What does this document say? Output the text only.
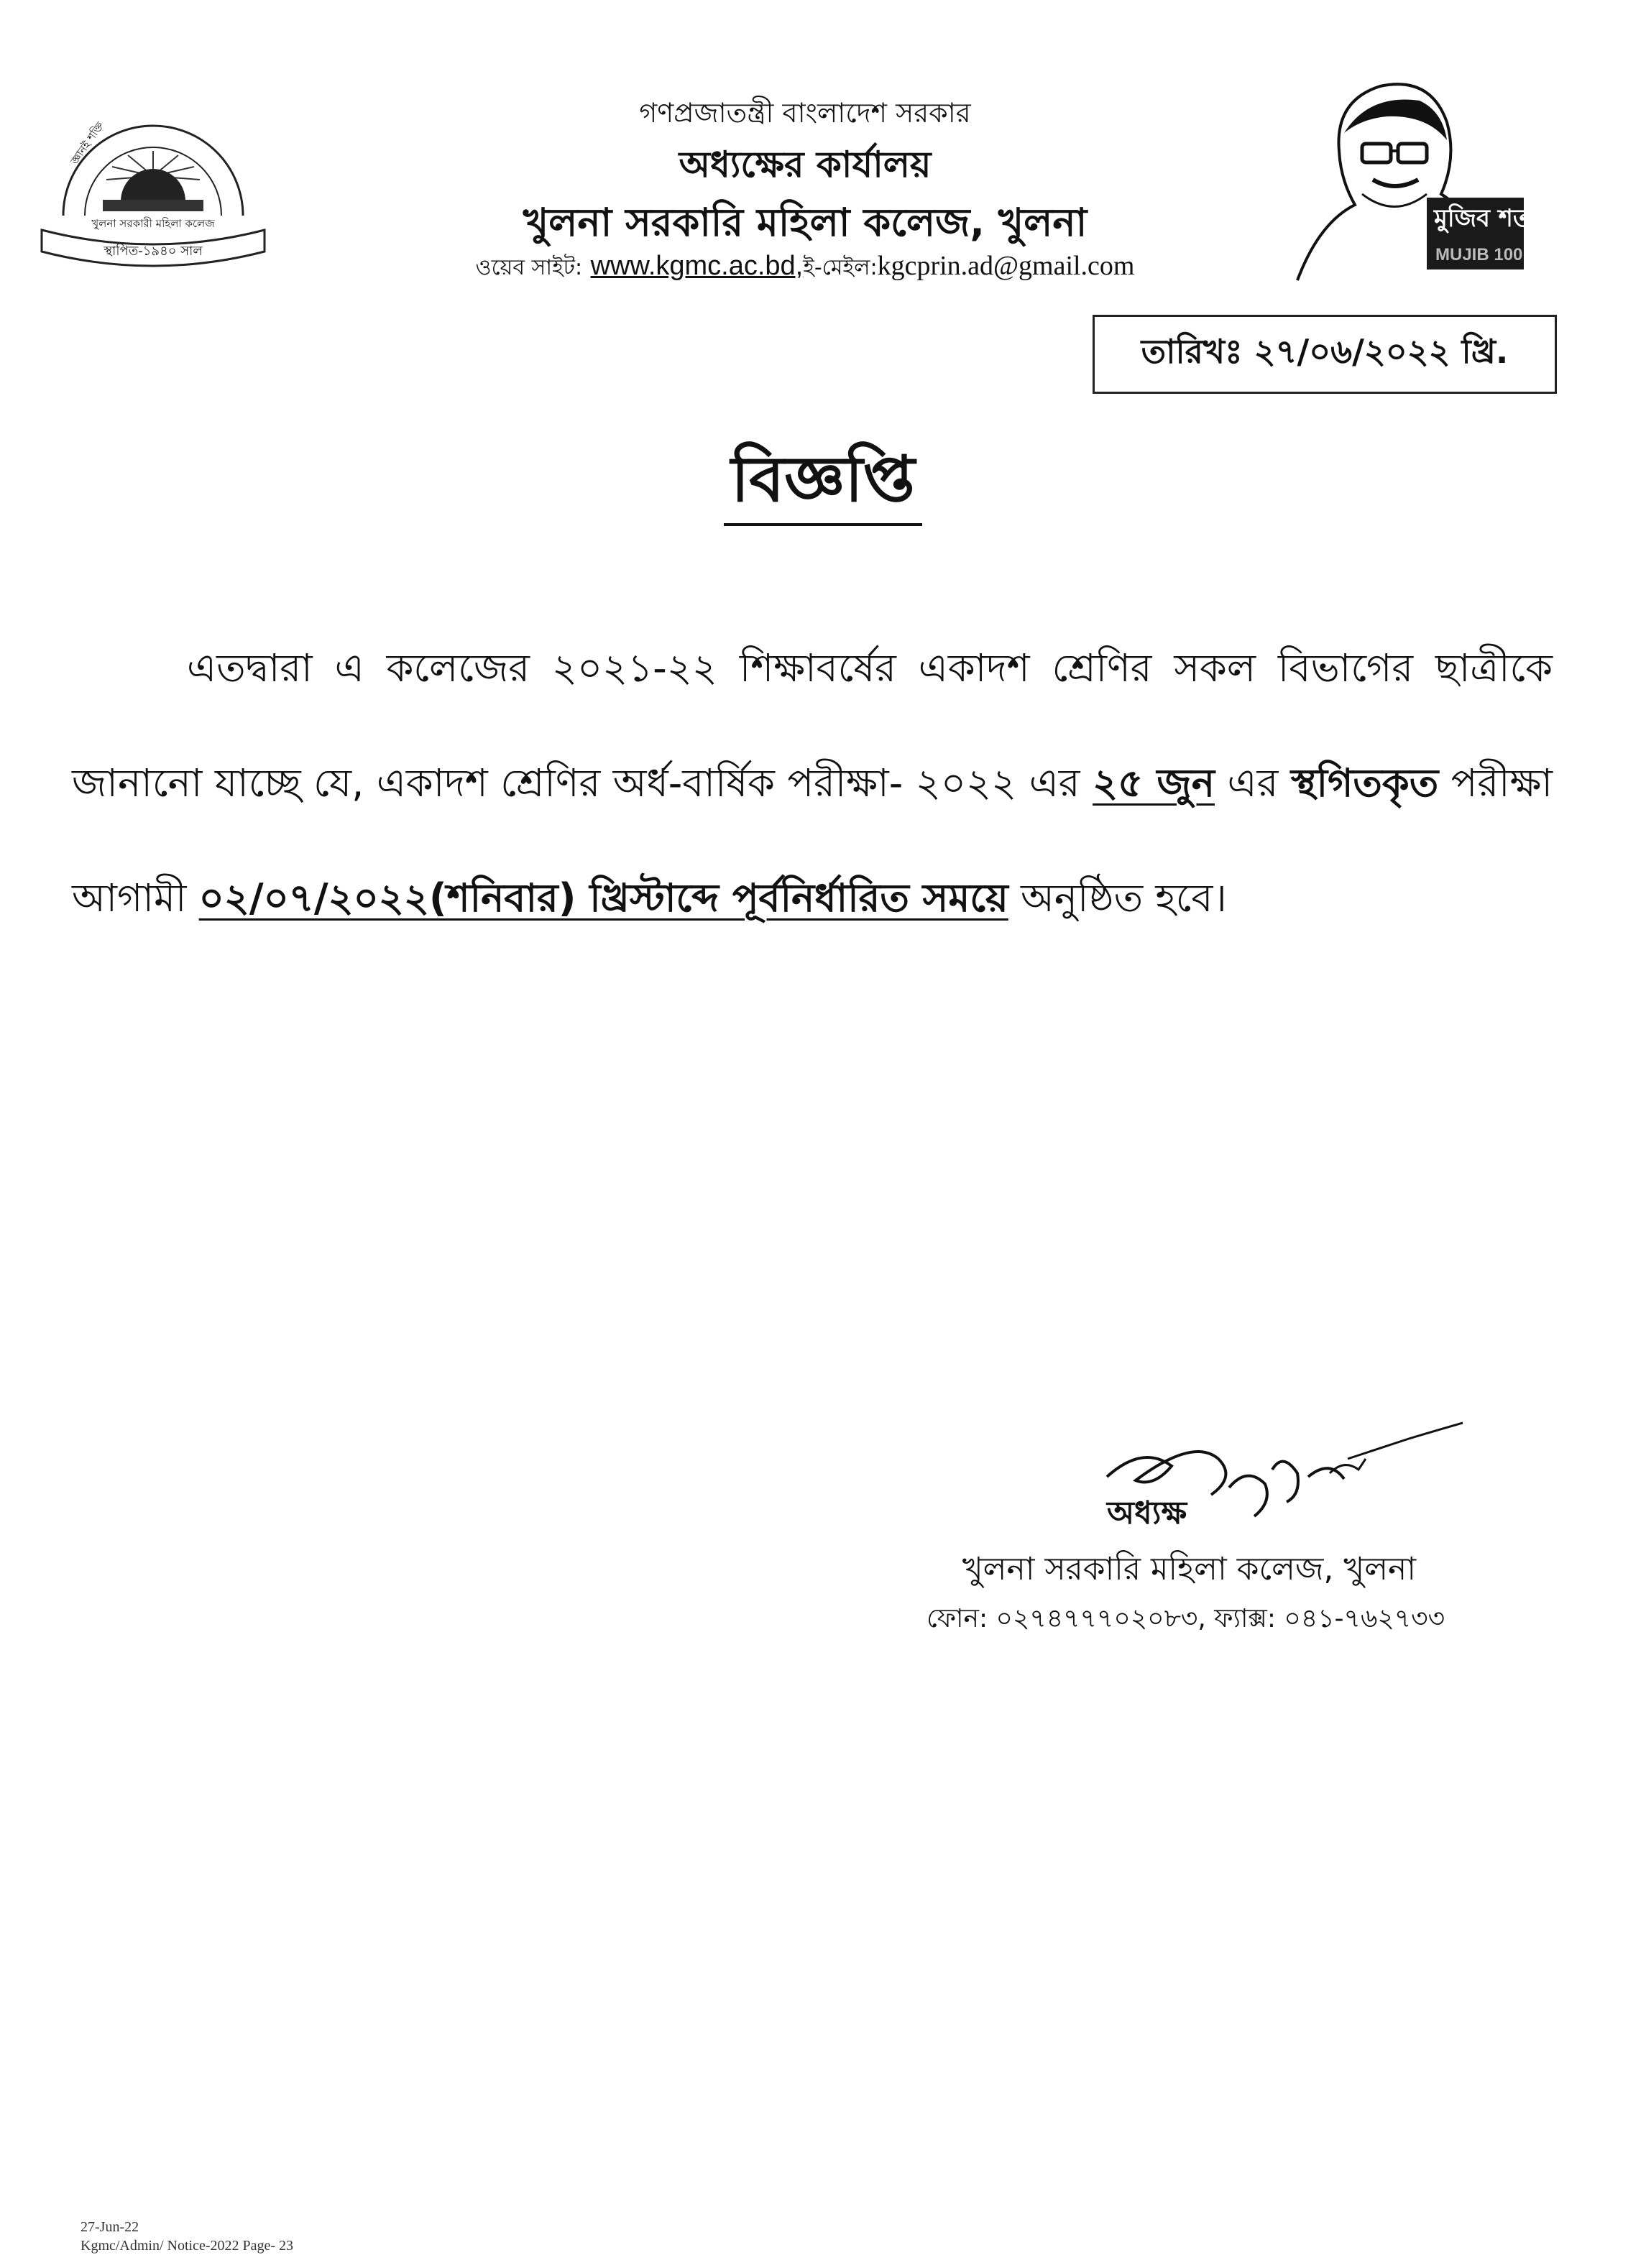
জ্ঞানই শক্তি
খুলনা সরকারী মহিলা কলেজ
স্থাপিত-১৯৪০ সাল
গণপ্রজাতন্ত্রী বাংলাদেশ সরকার
অধ্যক্ষের কার্যালয়
খুলনা সরকারি মহিলা কলেজ, খুলনা
ওয়েব সাইট: www.kgmc.ac.bd,ই-মেইল:kgcprin.ad@gmail.com
মুজিব শতবর্ষ
MUJIB 100
তারিখঃ ২৭/০৬/২০২২ খ্রি.
বিজ্ঞপ্তি
এতদ্বারা এ কলেজের ২০২১-২২ শিক্ষাবর্ষের একাদশ শ্রেণির সকল বিভাগের ছাত্রীকে জানানো যাচ্ছে যে, একাদশ শ্রেণির অর্ধ-বার্ষিক পরীক্ষা- ২০২২ এর ২৫ জুন এর স্থগিতকৃত পরীক্ষা আগামী ০২/০৭/২০২২(শনিবার) খ্রিস্টাব্দে পূর্বনির্ধারিত সময়ে অনুষ্ঠিত হবে।
অধ্যক্ষ
খুলনা সরকারি মহিলা কলেজ, খুলনা
ফোন: ০২৭৪৭৭৭০২০৮৩, ফ্যাক্স: ০৪১-৭৬২৭৩৩
27-Jun-22
Kgmc/Admin/ Notice-2022 Page- 23
